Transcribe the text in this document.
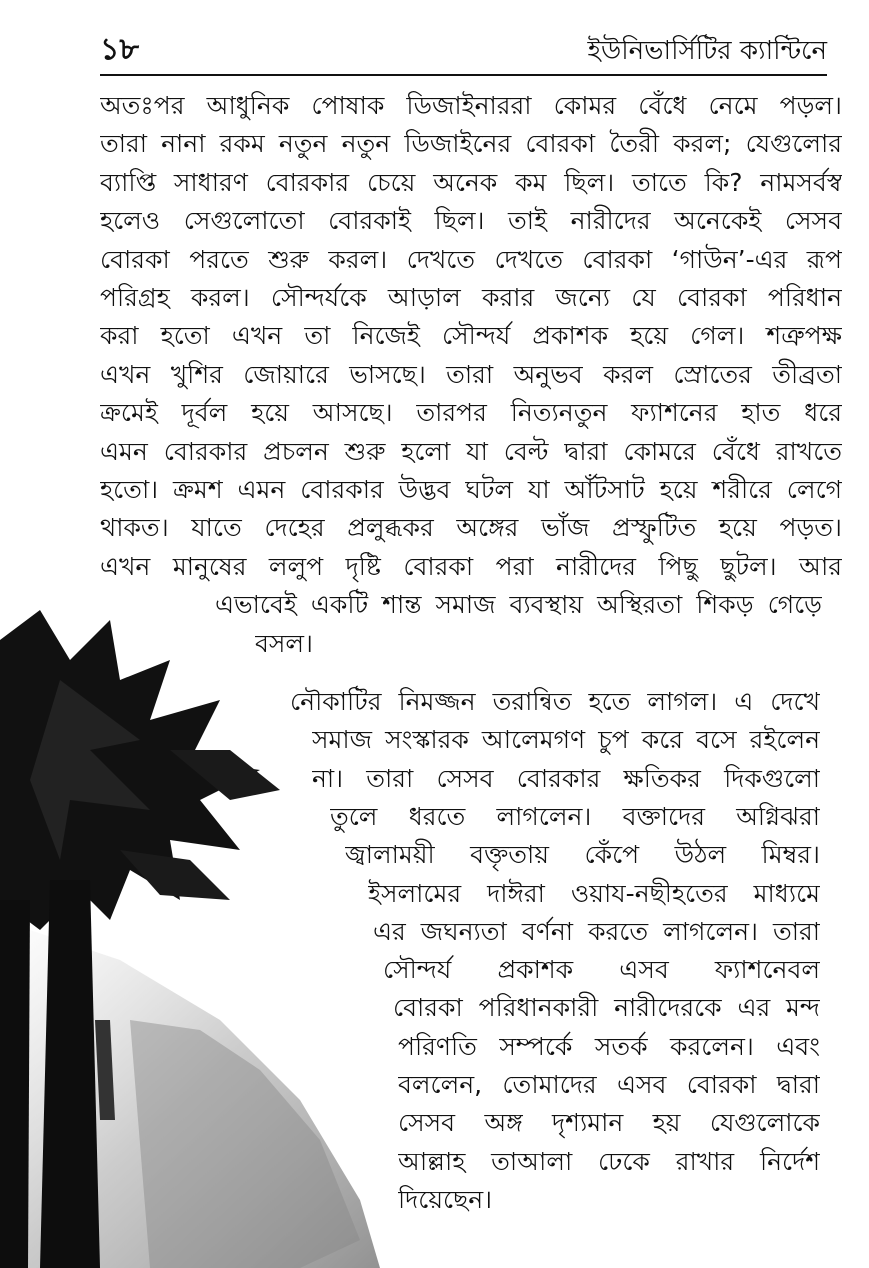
১৮	ইউনিভার্সিটির ক্যান্টিনে

অতঃপর আধুনিক পোষাক ডিজাইনাররা কোমর বেঁধে নেমে পড়ল।

তারা নানা রকম নতুন নতুন ডিজাইনের বোরকা তৈরী করল; যেগুলোর

ব্যাপ্তি সাধারণ বোরকার চেয়ে অনেক কম ছিল। তাতে কি? নামসর্বস্ব

হলেও সেগুলোতো বোরকাই ছিল। তাই নারীদের অনেকেই সেসব

বোরকা পরতে শুরু করল। দেখতে দেখতে বোরকা ‘গাউন’-এর রূপ

পরিগ্রহ করল। সৌন্দর্যকে আড়াল করার জন্যে যে বোরকা পরিধান

করা হতো এখন তা নিজেই সৌন্দর্য প্রকাশক হয়ে গেল। শত্রুপক্ষ

এখন খুশির জোয়ারে ভাসছে। তারা অনুভব করল স্রোতের তীব্রতা

ক্রমেই দূর্বল হয়ে আসছে। তারপর নিত্যনতুন ফ্যাশনের হাত ধরে

এমন বোরকার প্রচলন শুরু হলো যা বেল্ট দ্বারা কোমরে বেঁধে রাখতে

হতো। ক্রমশ এমন বোরকার উদ্ভব ঘটল যা আঁটসাট হয়ে শরীরে লেগে

থাকত। যাতে দেহের প্রলুব্ধকর অঙ্গের ভাঁজ প্রস্ফুটিত হয়ে পড়ত।

এখন মানুষের ললুপ দৃষ্টি বোরকা পরা নারীদের পিছু ছুটল। আর

এভাবেই একটি শান্ত সমাজ ব্যবস্থায় অস্থিরতা শিকড় গেড়ে

বসল।

নৌকাটির নিমজ্জন তরান্বিত হতে লাগল। এ দেখে

সমাজ সংস্কারক আলেমগণ চুপ করে বসে রইলেন

না। তারা সেসব বোরকার ক্ষতিকর দিকগুলো

তুলে ধরতে লাগলেন। বক্তাদের অগ্নিঝরা

জ্বালাময়ী বক্তৃতায় কেঁপে উঠল মিম্বর।

ইসলামের দাঈরা ওয়ায-নছীহতের মাধ্যমে

এর জঘন্যতা বর্ণনা করতে লাগলেন। তারা

সৌন্দর্য প্রকাশক এসব ফ্যাশনেবল

বোরকা পরিধানকারী নারীদেরকে এর মন্দ

পরিণতি সম্পর্কে সতর্ক করলেন। এবং

বললেন, তোমাদের এসব বোরকা দ্বারা

সেসব অঙ্গ দৃশ্যমান হয় যেগুলোকে

আল্লাহ তাআলা ঢেকে রাখার নির্দেশ

দিয়েছেন।
